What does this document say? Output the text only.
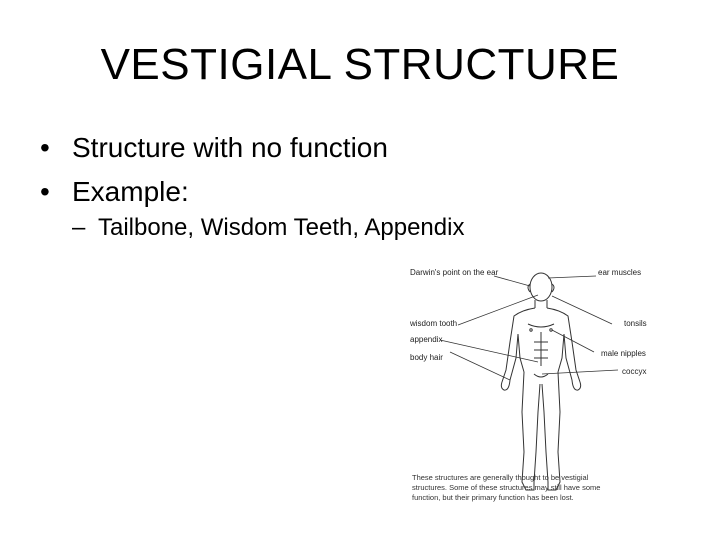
VESTIGIAL STRUCTURE
• Structure with no function
• Example:
– Tailbone, Wisdom Teeth, Appendix
Darwin's point on the ear	ear muscles
wisdom tooth	tonsils
appendix
body hair	male nipples
coccyx
These structures are generally thought to be vestigial
structures. Some of these structures may still have some
function, but their primary function has been lost.
